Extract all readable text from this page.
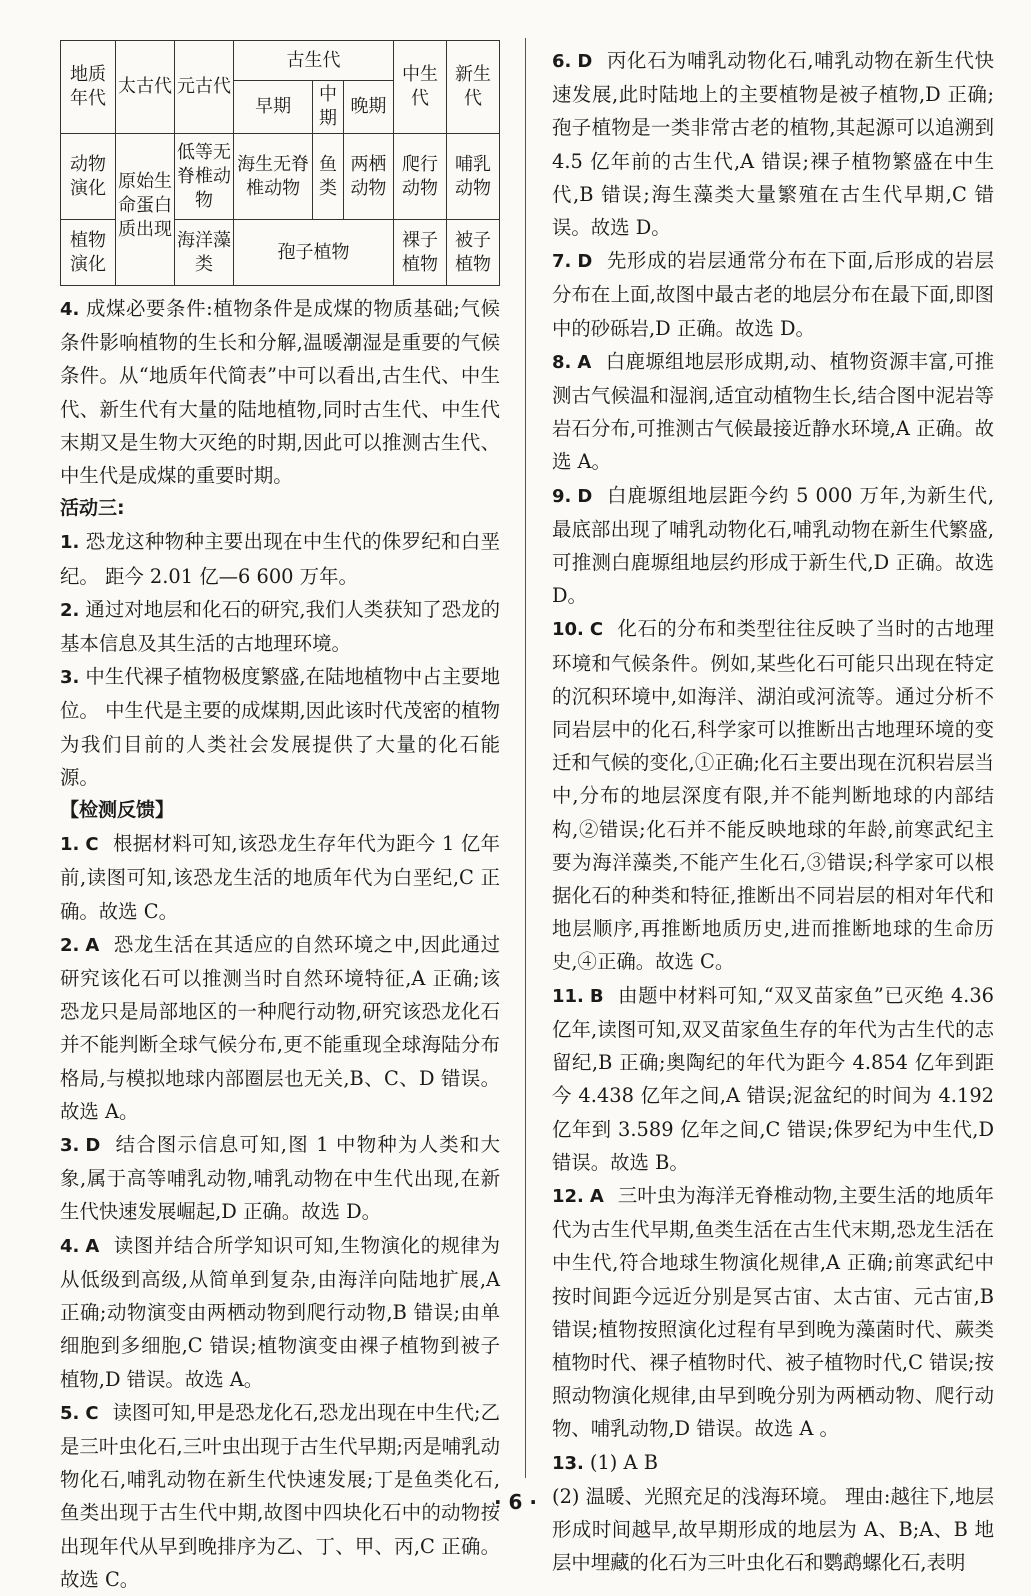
地质年代	太古代	元古代	古生代			中生代	新生代
			早期	中期	晚期		
动物演化	原始生命蛋白质出现	低等无脊椎动物	海生无脊椎动物	鱼类	两栖动物	爬行动物	哺乳动物
植物演化		海洋藻类	孢子植物			裸子植物	被子植物

4. 成煤必要条件:植物条件是成煤的物质基础;气候条件影响植物的生长和分解,温暖潮湿是重要的气候条件。从“地质年代简表”中可以看出,古生代、中生代、新生代有大量的陆地植物,同时古生代、中生代末期又是生物大灭绝的时期,因此可以推测古生代、中生代是成煤的重要时期。

活动三:

1. 恐龙这种物种主要出现在中生代的侏罗纪和白垩纪。 距今 2.01 亿—6 600 万年。

2. 通过对地层和化石的研究,我们人类获知了恐龙的基本信息及其生活的古地理环境。

3. 中生代裸子植物极度繁盛,在陆地植物中占主要地位。 中生代是主要的成煤期,因此该时代茂密的植物为我们目前的人类社会发展提供了大量的化石能源。

【检测反馈】

1. C 根据材料可知,该恐龙生存年代为距今 1 亿年前,读图可知,该恐龙生活的地质年代为白垩纪,C 正确。故选 C。

2. A 恐龙生活在其适应的自然环境之中,因此通过研究该化石可以推测当时自然环境特征,A 正确;该恐龙只是局部地区的一种爬行动物,研究该恐龙化石并不能判断全球气候分布,更不能重现全球海陆分布格局,与模拟地球内部圈层也无关,B、C、D 错误。故选 A。

3. D 结合图示信息可知,图 1 中物种为人类和大象,属于高等哺乳动物,哺乳动物在中生代出现,在新生代快速发展崛起,D 正确。故选 D。

4. A 读图并结合所学知识可知,生物演化的规律为从低级到高级,从简单到复杂,由海洋向陆地扩展,A 正确;动物演变由两栖动物到爬行动物,B 错误;由单细胞到多细胞,C 错误;植物演变由裸子植物到被子植物,D 错误。故选 A。

5. C 读图可知,甲是恐龙化石,恐龙出现在中生代;乙是三叶虫化石,三叶虫出现于古生代早期;丙是哺乳动物化石,哺乳动物在新生代快速发展;丁是鱼类化石,鱼类出现于古生代中期,故图中四块化石中的动物按出现年代从早到晚排序为乙、丁、甲、丙,C 正确。故选 C。

6. D 丙化石为哺乳动物化石,哺乳动物在新生代快速发展,此时陆地上的主要植物是被子植物,D 正确;孢子植物是一类非常古老的植物,其起源可以追溯到 4.5 亿年前的古生代,A 错误;裸子植物繁盛在中生代,B 错误;海生藻类大量繁殖在古生代早期,C 错误。故选 D。

7. D 先形成的岩层通常分布在下面,后形成的岩层分布在上面,故图中最古老的地层分布在最下面,即图中的砂砾岩,D 正确。故选 D。

8. A 白鹿塬组地层形成期,动、植物资源丰富,可推测古气候温和湿润,适宜动植物生长,结合图中泥岩等岩石分布,可推测古气候最接近静水环境,A 正确。故选 A。

9. D 白鹿塬组地层距今约 5 000 万年,为新生代,最底部出现了哺乳动物化石,哺乳动物在新生代繁盛,可推测白鹿塬组地层约形成于新生代,D 正确。故选 D。

10. C 化石的分布和类型往往反映了当时的古地理环境和气候条件。例如,某些化石可能只出现在特定的沉积环境中,如海洋、湖泊或河流等。通过分析不同岩层中的化石,科学家可以推断出古地理环境的变迁和气候的变化,①正确;化石主要出现在沉积岩层当中,分布的地层深度有限,并不能判断地球的内部结构,②错误;化石并不能反映地球的年龄,前寒武纪主要为海洋藻类,不能产生化石,③错误;科学家可以根据化石的种类和特征,推断出不同岩层的相对年代和地层顺序,再推断地质历史,进而推断地球的生命历史,④正确。故选 C。

11. B 由题中材料可知,“双叉苗家鱼”已灭绝 4.36 亿年,读图可知,双叉苗家鱼生存的年代为古生代的志留纪,B 正确;奥陶纪的年代为距今 4.854 亿年到距今 4.438 亿年之间,A 错误;泥盆纪的时间为 4.192 亿年到 3.589 亿年之间,C 错误;侏罗纪为中生代,D 错误。故选 B。

12. A 三叶虫为海洋无脊椎动物,主要生活的地质年代为古生代早期,鱼类生活在古生代末期,恐龙生活在中生代,符合地球生物演化规律,A 正确;前寒武纪中按时间距今远近分别是冥古宙、太古宙、元古宙,B 错误;植物按照演化过程有早到晚为藻菌时代、蕨类植物时代、裸子植物时代、被子植物时代,C 错误;按照动物演化规律,由早到晚分别为两栖动物、爬行动物、哺乳动物,D 错误。故选 A 。

13. (1) A B

(2) 温暖、光照充足的浅海环境。 理由:越往下,地层形成时间越早,故早期形成的地层为 A、B;A、B 地层中埋藏的化石为三叶虫化石和鹦鹉螺化石,表明

· 6 ·
